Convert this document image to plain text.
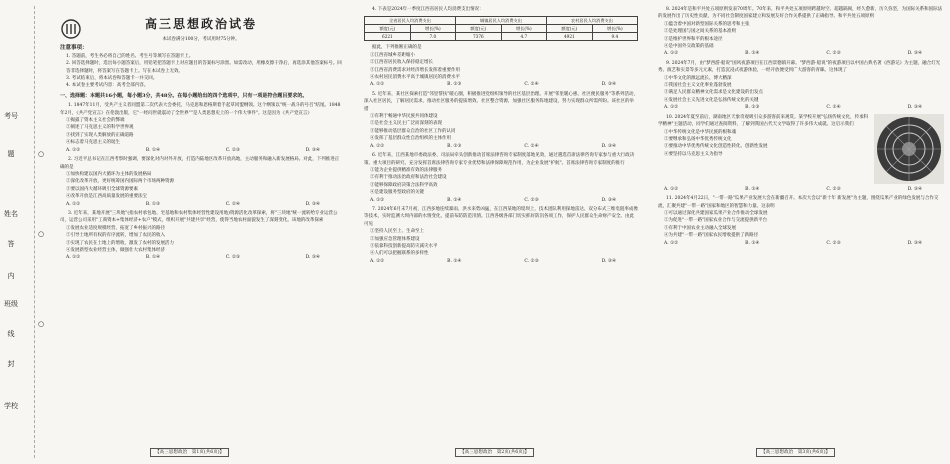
考号
题
姓名
答
内
班级
线
封
学校
○
○
○
高三思想政治试卷
本试卷满分100分，考试用时75分钟。
注意事项：
1. 答题前，考生务必将自己的姓名、考生号等填写在答题卡上。
2. 回答选择题时，选出每小题答案后，用铅笔把答题卡上对应题目的答案标号涂黑。如需改动，用橡皮擦干净后，再选涂其他答案标号。回答非选择题时，将答案写在答题卡上。写在本试卷上无效。
3. 考试结束后，将本试卷和答题卡一并交回。
4. 本试卷主要考试内容：高考全部内容。
一、选择题：本题共16小题，每小题3分，共48分。在每小题给出的四个选项中，只有一项是符合题目要求的。
1. 1847年11月，受共产主义者同盟第二次代表大会委托，马克思和恩格斯着手起草同盟纲领。这个纲领以"统一战斗的号召"结尾。1848年2月，《共产党宣言》在伦敦出版，它"一经问世就震动了全世界""是人类思想史上的一个伟大事件"。这是因为《共产党宣言》
①揭露了资本主义社会的弊端
②阐述了马克思主义的科学世界观
③找到了实现人类解放的正确道路
④标志着马克思主义的诞生
A. ①②	B. ①④	C. ②③	D. ③④
2. 习近平总书记在江西考察时强调，要深化对内对外开放，打造内陆地区改革开放高地，主动服务和融入新发展格局。对此，下列推进正确的是
①加快构建以国内大循环为主体的发展格局
②深化改革开放，更好统筹国内国际两个市场两种资源
③要以国内大循环吸引全球资源要素
④改革开放是江西高质量发展的重要法宝
A. ①②	B. ①③	C. ②④	D. ③④
3. 近年来，某地开展"三块地"(指农村承包地、宅基地和农村集体经营性建设用地)资源活化改革探索，将"三块地"统一流转给专业运营公司，运营公司采用"工商资本+集体经济+农户"模式，组织开展"共建共享"经营，使得当地农村面貌发生了深刻变化。该地的改革探索
①发展农业适度规模经营，拓宽了乡村振兴的路径
②引导土地所有权的有序流转，增加了农民的收入
③实现了农民在土地上的增收，激发了农村的发展活力
④发展新型农业经营主体，做强壮大农村集体经济
A. ①②	B. ①④	C. ②③	D. ③④
【高三思想政治　第1页(共6页)】
4. 下表是2024年一季度江西省居民人均消费支出情况：
全省居民人均消费支出		城镇居民人均消费支出		农村居民人均消费支出	
额度(元)	增长(%)	额度(元)	增长(%)	额度(元)	增长(%)
6221	7.0	7376	4.7	4921	9.4
据此，下列推断正确的是
①江西省城乡差距缩小
②江西省居民收入保持稳定增长
③江西省消费需求对经济增长发挥着重要作用
④农村居民消费水平高于城镇居民的消费水平
A. ①②	B. ①③	C. ②④	D. ③④
5. 近年来，某社区探索打造"邻里帮扶"暖心圈，积极推进党组织领导的社区基层治理。开展"邻里暖心惠、社区便民服务"等系列活动，深入社区居民，了解居民需求，推动社区服务的提质增效。社区整合资源，加强社区服务阵地建设，努力实现群众所需所盼。该社区的举措
①有利于畅通中华民族共同体建设
②是社会主义民主广泛而深刻的表现
③能够推动基层群众自治的社区工作的认同
④发挥了基层群众性自治组织的主体作用
A. ①②	B. ①③	C. ②④	D. ③④
6. 近年来，江西某地市委政法委、司法局牵头创新推动首席法律咨询专家制度落地见效，通过遴选首席法律咨询专家参与重大行政决策、重大项目的研究、充分发挥首席法律咨询专家专业优势和法律保障规范作用，为企业发展"护航"。首席法律咨询专家制度的推行
①能为企业提供精准有效的法律服务
②有利于推动法治政府和法治社会建设
③能够保障政府决策合法科学高效
④是建设服务型政府的关键
A. ①②	B. ①④	C. ②③	D. ③④
7. 2024年6月末7月初，江西多地连续暴雨、洪水来势凶猛，在江西某地的堤坝上，技术团队利用探地雷达、双分布式三维电阻率成像等技术，实时监测大坝内部的水情变化，提前布防防范汛情。江西各级各部门切实抓好防汛各项工作，保护人民群众生命财产安全。由此可见
①坚持人民至上、生命至上
②加强应急管理体系建设
③依靠科技创新提高防灾减灾水平
④人们可以把握联系的多样性
A. ①②	B. ①④	C. ②③	D. ③④
【高三思想政治　第2页(共6页)】
8. 2024年是和平共处五项原则发表70周年。70年来，和平共处五项原则跨越时空、超越隔阂，经久愈新，历久弥坚，为国际关系和国际法的发展作出了历史性贡献，为不同社会制度国家建立和发展友好合作关系提供了正确指导。和平共处五项原则
①蕴含着中国对新型国际关系的思考和主张
②是处理国与国之间关系的基本准则
③是维护世界和平的根本途径
④是中国外交政策的基础
A. ①②	B. ①④	C. ②③	D. ③④
9. 2024年7月，由"梦西游·船说"国风夜游项目在江西景德镇开幕。"梦西游·船说"的夜游项目以中国古典名著《西游记》为主题，融合灯光秀、演艺和实景等多元元素，打造沉浸式夜游体验，一经开放便受到广大游客的青睐。这体现了
①中华文化的源远流长、博大精深
②我国社会主义文化事业蓬勃发展
③满足人民群众精神文化需求是文化建设的出发点
④发展社会主义先进文化是弘扬传统文化的关键
A. ①②	B. ①③	C. ②④	D. ③④
10. 2024年夏至前后，湖南地区天象奇观吸引众多游客前来观赏。某学校开展"弘扬传统文化，传承科学精神"主题活动，同学们通过查阅资料，了解到我国古代天文学取得了许多伟大成就。这启示我们
①中华传统文化是中华民族的根和魂
②要继承和弘扬中华优秀传统文化
③要推动中华优秀传统文化创造性转化、创新性发展
④要坚持以马克思主义为指导
A. ①②	B. ①④	C. ②③	D. ③④
11. 2024年4月22日，"一带一路"瓜果产业发展大会在新疆召开。本次大会以"新十年 新发展"为主题，围绕瓜果产业的绿色发展与合作交流，汇聚共建"一带一路"国家和地区的智慧和力量。这表明
①可以通过深化共建国家瓜果产业合作推动全球发展
②为促进"一带一路"国家农业合作与交流提供新平台
③有利于中国农业主动融入全球发展
④为共建"一带一路"国家农民增收提供了新路径
A. ①②	B. ①④	C. ②③	D. ③④
【高三思想政治　第3页(共6页)】
